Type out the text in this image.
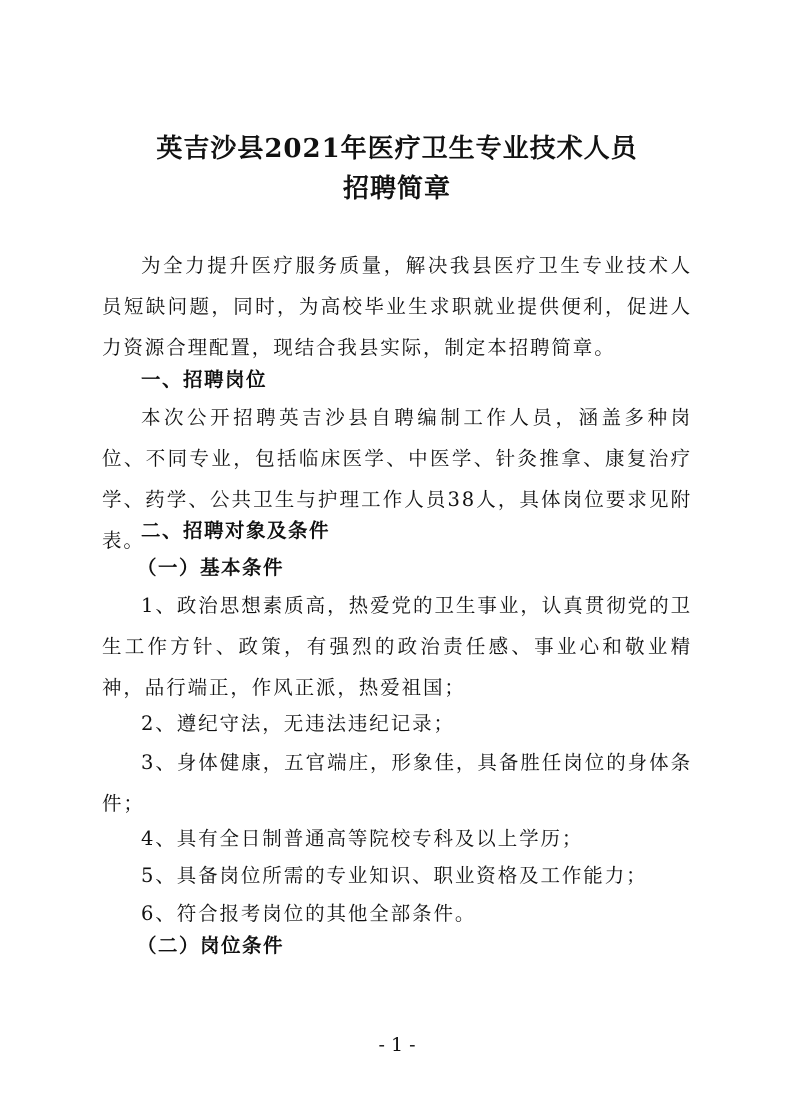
英吉沙县2021年医疗卫生专业技术人员
招聘简章

为全力提升医疗服务质量，解决我县医疗卫生专业技术人员短缺问题，同时，为高校毕业生求职就业提供便利，促进人力资源合理配置，现结合我县实际，制定本招聘简章。

一、招聘岗位

本次公开招聘英吉沙县自聘编制工作人员，涵盖多种岗位、不同专业，包括临床医学、中医学、针灸推拿、康复治疗学、药学、公共卫生与护理工作人员38人，具体岗位要求见附表。

二、招聘对象及条件
（一）基本条件

1、政治思想素质高，热爱党的卫生事业，认真贯彻党的卫生工作方针、政策，有强烈的政治责任感、事业心和敬业精神，品行端正，作风正派，热爱祖国；

2、遵纪守法，无违法违纪记录；

3、身体健康，五官端庄，形象佳，具备胜任岗位的身体条件；

4、具有全日制普通高等院校专科及以上学历；

5、具备岗位所需的专业知识、职业资格及工作能力；

6、符合报考岗位的其他全部条件。

（二）岗位条件
- 1 -
